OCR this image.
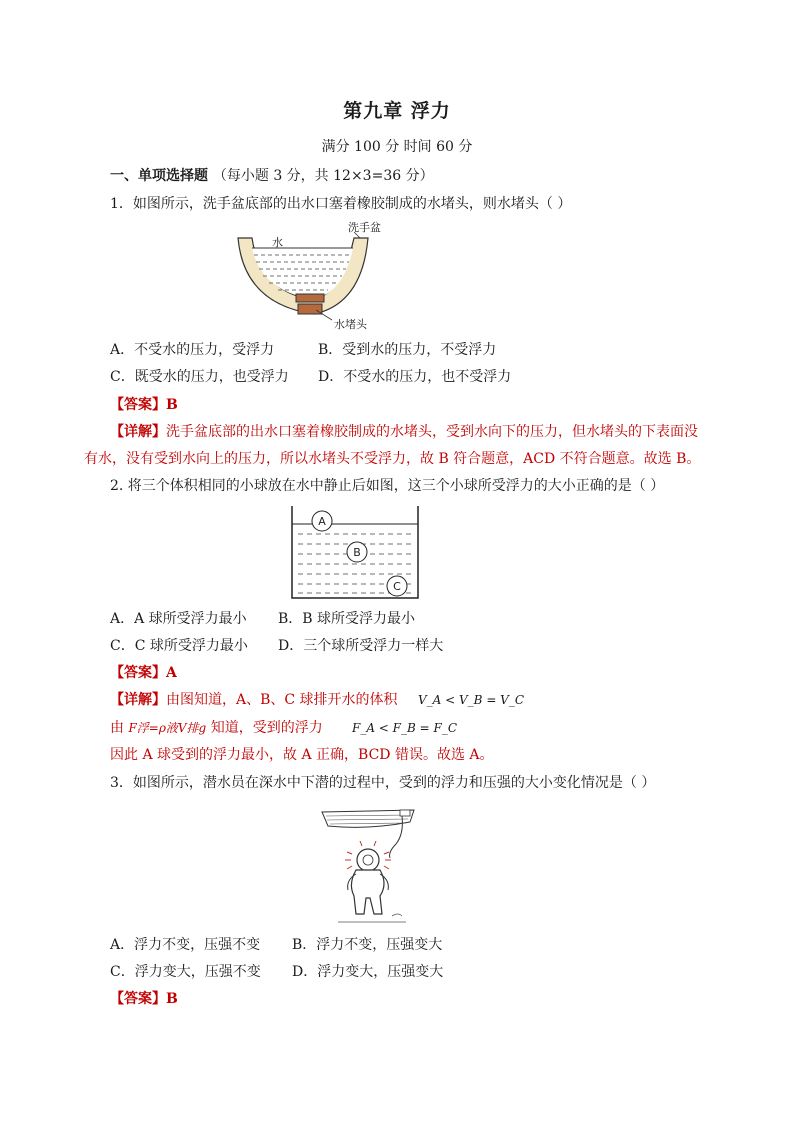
第九章 浮力
满分 100 分 时间 60 分
一、单项选择题 （每小题 3 分，共 12×3=36 分）
1．如图所示，洗手盆底部的出水口塞着橡胶制成的水堵头，则水堵头（ ）
水
洗手盆
水堵头
A．不受水的压力，受浮力	B．受到水的压力，不受浮力
C．既受水的压力，也受浮力 D．不受水的压力，也不受浮力
【答案】B
【详解】洗手盆底部的出水口塞着橡胶制成的水堵头，受到水向下的压力，但水堵头的下表面没
有水，没有受到水向上的压力，所以水堵头不受浮力，故 B 符合题意，ACD 不符合题意。故选 B。
2. 将三个体积相同的小球放在水中静止后如图，这三个小球所受浮力的大小正确的是（ ）
A
B
C
A．A 球所受浮力最小 B．B 球所受浮力最小
C．C 球所受浮力最小 D．三个球所受浮力一样大
【答案】A
【详解】由图知道，A、B、C 球排开水的体积 V_A < V_B = V_C
由 F浮=ρ液V排g 知道，受到的浮力 F_A < F_B = F_C
因此 A 球受到的浮力最小，故 A 正确，BCD 错误。故选 A。
3．如图所示，潜水员在深水中下潜的过程中，受到的浮力和压强的大小变化情况是（ ）
A．浮力不变，压强不变 B．浮力不变，压强变大
C．浮力变大，压强不变 D．浮力变大，压强变大
【答案】B
